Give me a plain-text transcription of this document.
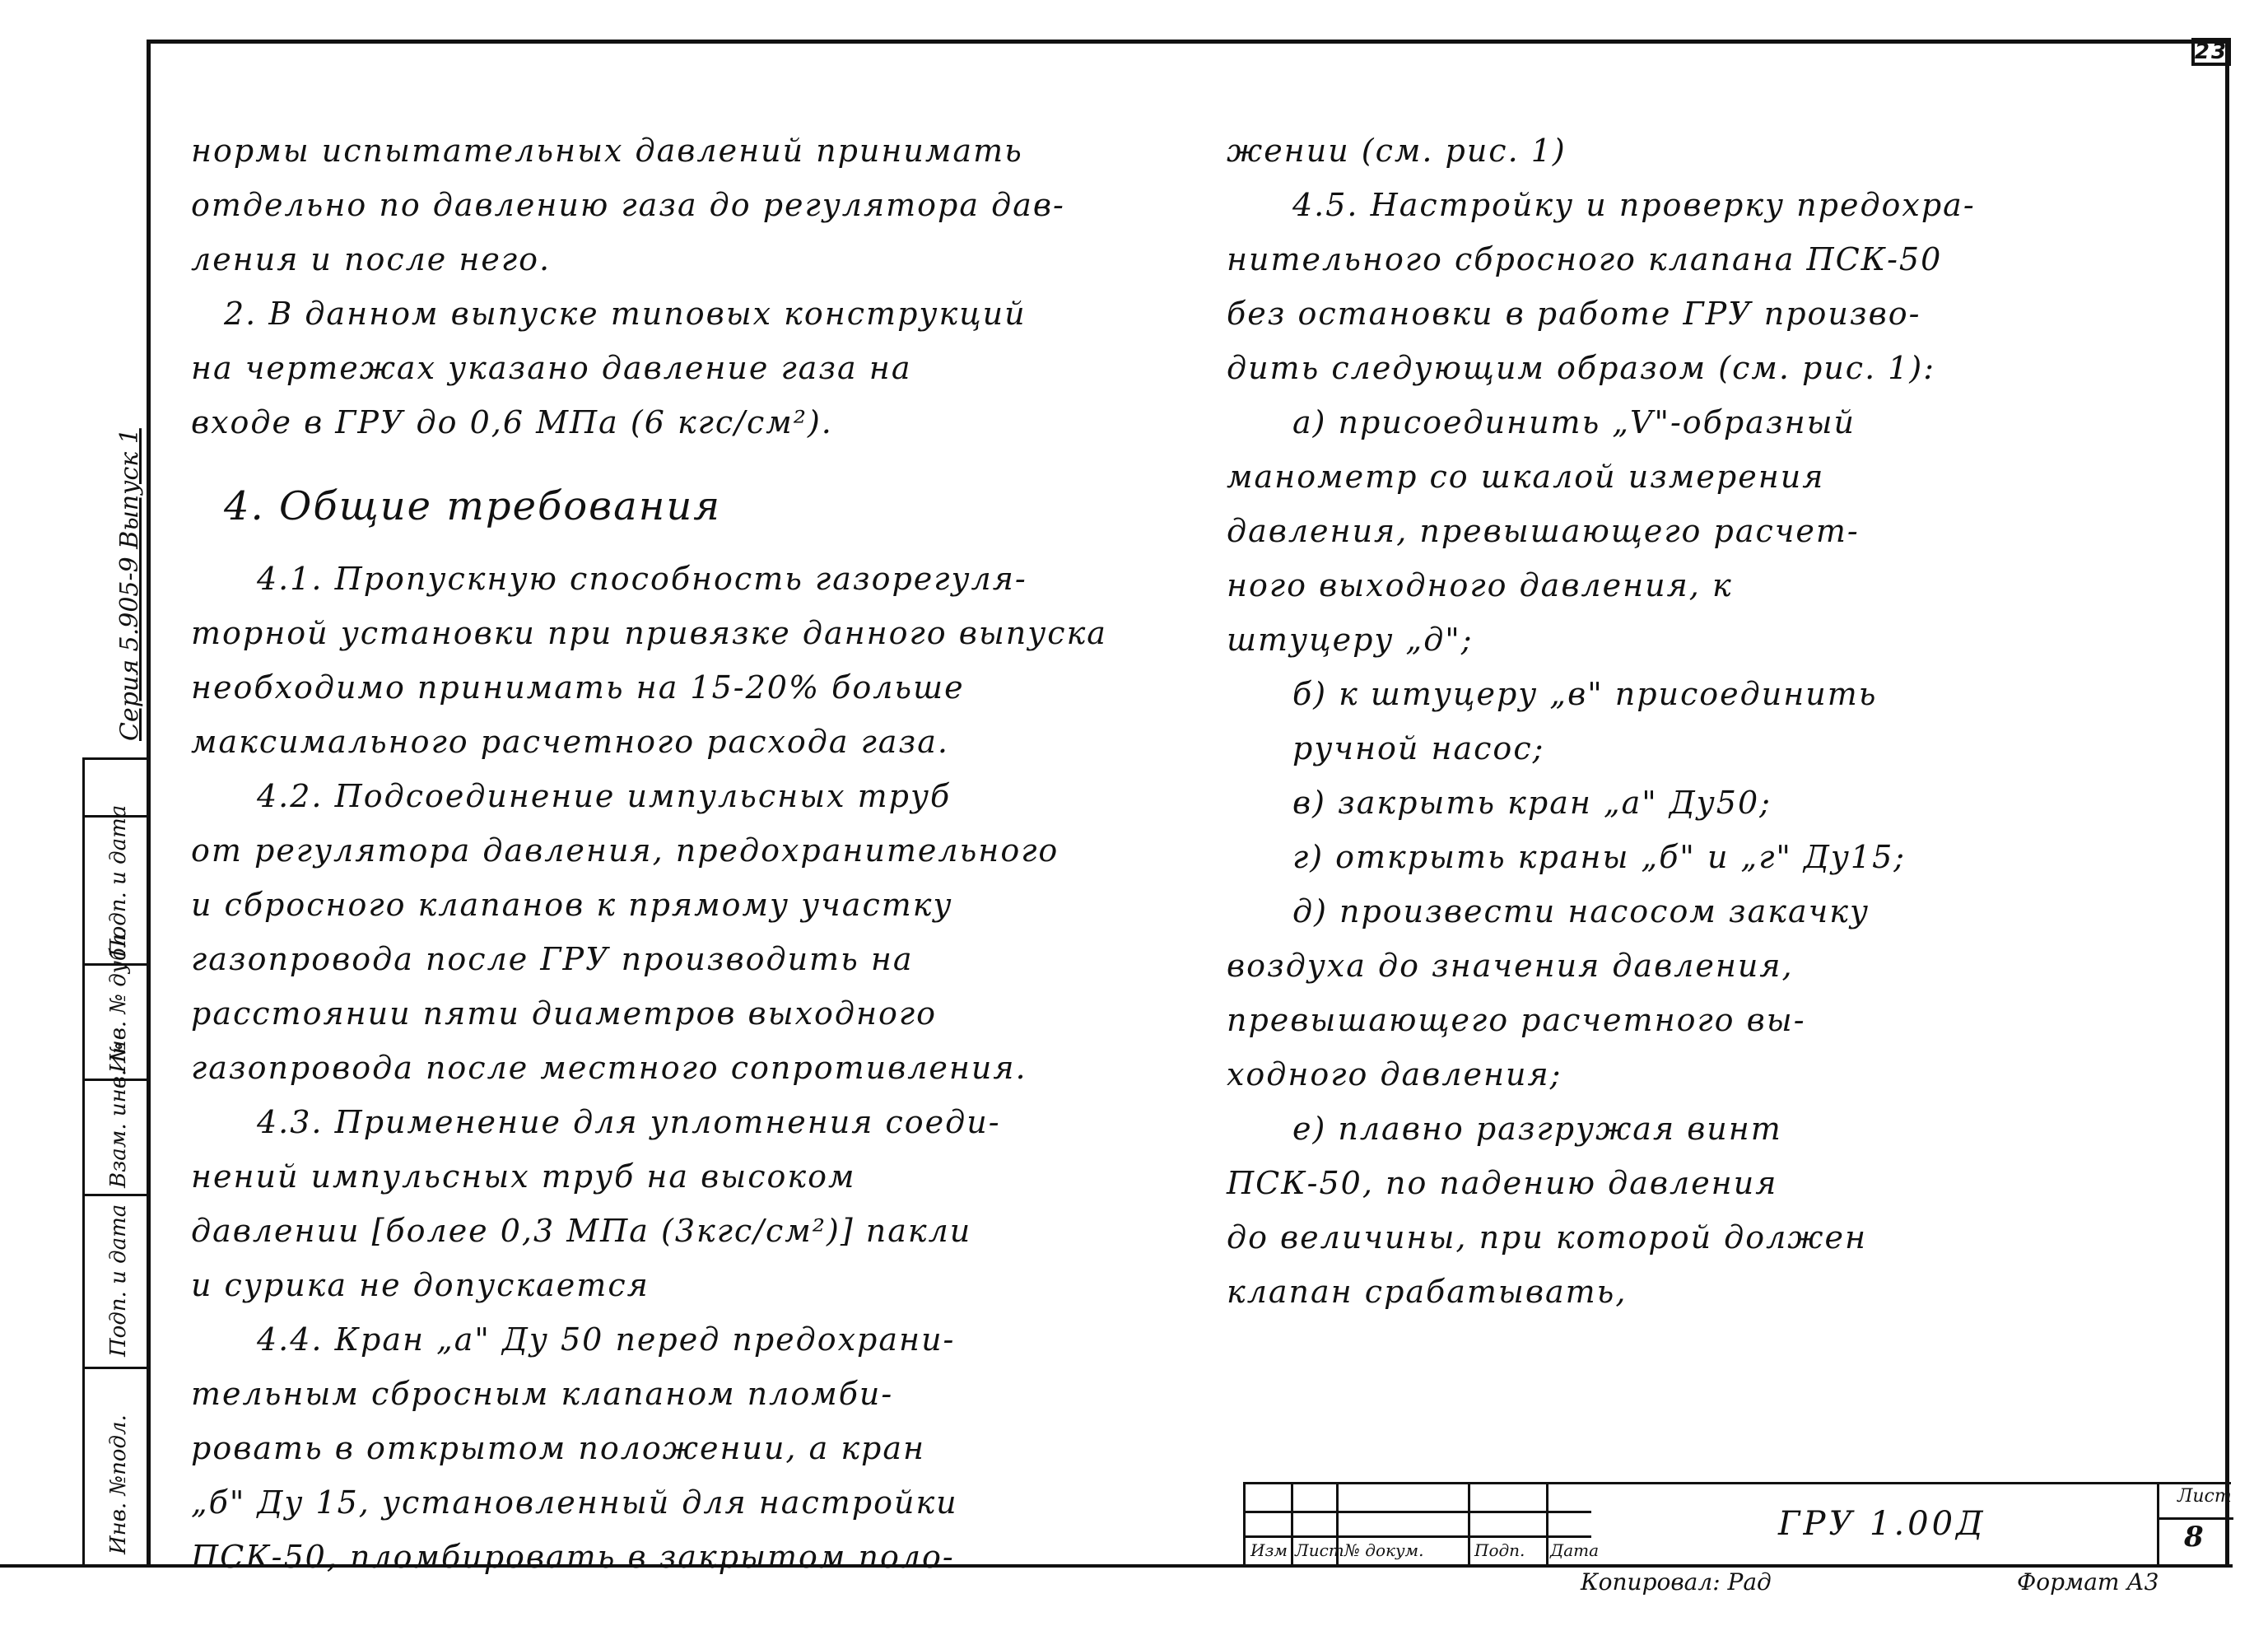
23
нормы испытательных давлений принимать
отдельно по давлению газа до регулятора дав-
ления и после него.
2. В данном выпуске типовых конструкций
на чертежах указано давление газа на
входе в ГРУ до 0,6 МПа (6 кгс/см²).
4. Общие требования
4.1. Пропускную способность газорегуля-
торной установки при привязке данного выпуска
необходимо принимать на 15-20% больше
максимального расчетного расхода газа.
4.2. Подсоединение импульсных труб
от регулятора давления, предохранительного
и сбросного клапанов к прямому участку
газопровода после ГРУ производить на
расстоянии пяти диаметров выходного
газопровода после местного сопротивления.
4.3. Применение для уплотнения соеди-
нений импульсных труб на высоком
давлении [более 0,3 МПа (3кгс/см²)] пакли
и сурика не допускается
4.4. Кран „а" Ду 50 перед предохрани-
тельным сбросным клапаном пломби-
ровать в открытом положении, а кран
„б" Ду 15, установленный для настройки
ПСК-50, пломбировать в закрытом поло-
жении (см. рис. 1)
4.5. Настройку и проверку предохра-
нительного сбросного клапана ПСК-50
без остановки в работе ГРУ произво-
дить следующим образом (см. рис. 1):
а) присоединить „V"-образный
манометр со шкалой измерения
давления, превышающего расчет-
ного выходного давления, к
штуцеру „д";
б) к штуцеру „в" присоединить
ручной насос;
в) закрыть кран „а" Ду50;
г) открыть краны „б" и „г" Ду15;
д) произвести насосом закачку
воздуха до значения давления,
превышающего расчетного вы-
ходного давления;
е) плавно разгружая винт
ПСК-50, по падению давления
до величины, при которой должен
клапан срабатывать,
Серия 5.905-9 Выпуск 1
Подп. и дата
Инв. № дубл.
Взам. инв. №
Подп. и дата
Инв. №подл.	Изм Лист № докум.	Подп. Дата
ГРУ 1.00Д
Лист
8
Копировал: Рад	Формат А3
